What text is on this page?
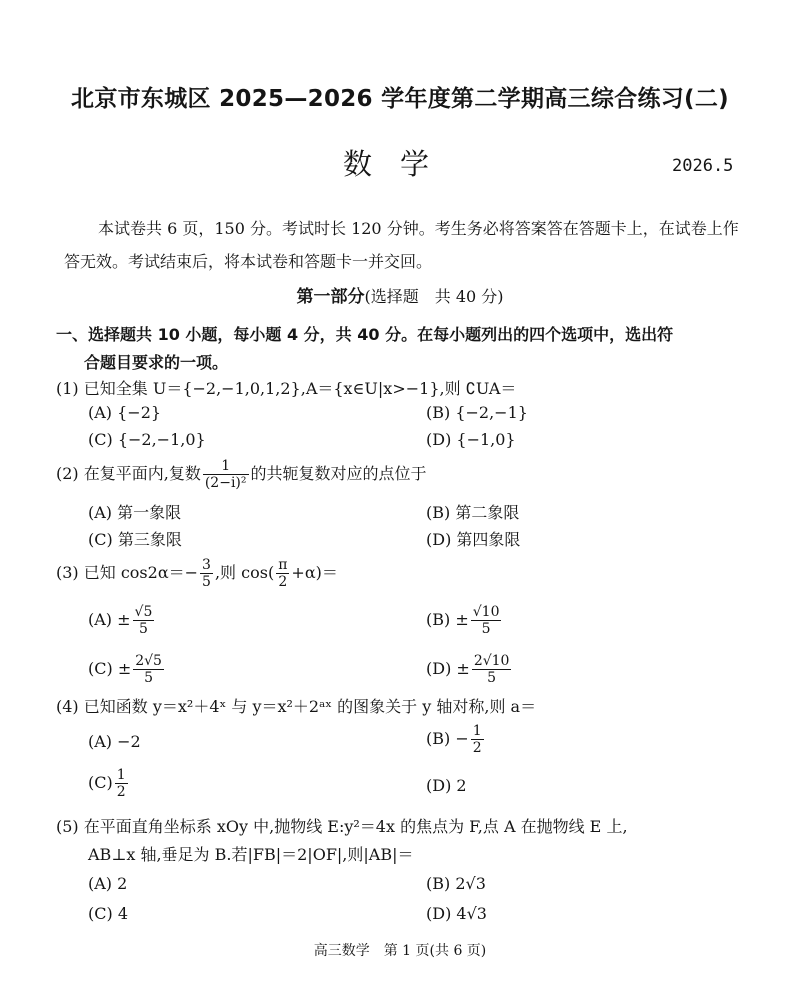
北京市东城区 2025—2026 学年度第二学期高三综合练习(二)
数学	2026.5
本试卷共 6 页，150 分。考试时长 120 分钟。考生务必将答案答在答题卡上，在试卷上作答无效。考试结束后，将本试卷和答题卡一并交回。
第一部分(选择题　共 40 分)
一、选择题共 10 小题，每小题 4 分，共 40 分。在每小题列出的四个选项中，选出符
合题目要求的一项。
(1) 已知全集 U＝{−2,−1,0,1,2},A＝{x∈U|x>−1},则 ∁UA＝
(A) {−2}	(B) {−2,−1}
(C) {−2,−1,0}	(D) {−1,0}
(2) 在复平面内,复数 $\frac{1}{\text{(2−i)²}}$ 的共轭复数对应的点位于
(A) 第一象限	(B) 第二象限
(C) 第三象限	(D) 第四象限
(3) 已知 $\cos 2\alpha=- \frac{3}{5}$ ,则 $\cos( \frac{\pi}{2} +\alpha)=$
$(A) \pm \frac{√5}{5}$	$(B) \pm \frac{√10}{5}$
$(C) \pm \frac{2√5}{5}$	$(D) \pm \frac{2√10}{5}$
(4) 已知函数 y＝x²＋4ˣ 与 y＝x²＋2ᵃˣ 的图象关于 y 轴对称,则 a＝
(A) −2	$(B) - \frac{1}{2}$
$(C) \frac{1}{2}$	(D) 2
(5) 在平面直角坐标系 xOy 中,抛物线 E:y²＝4x 的焦点为 F,点 A 在抛物线 E 上,
AB⊥x 轴,垂足为 B.若|FB|＝2|OF|,则|AB|＝
(A) 2	(B) 2√3
(C) 4	(D) 4√3
高三数学　第 1 页(共 6 页)
